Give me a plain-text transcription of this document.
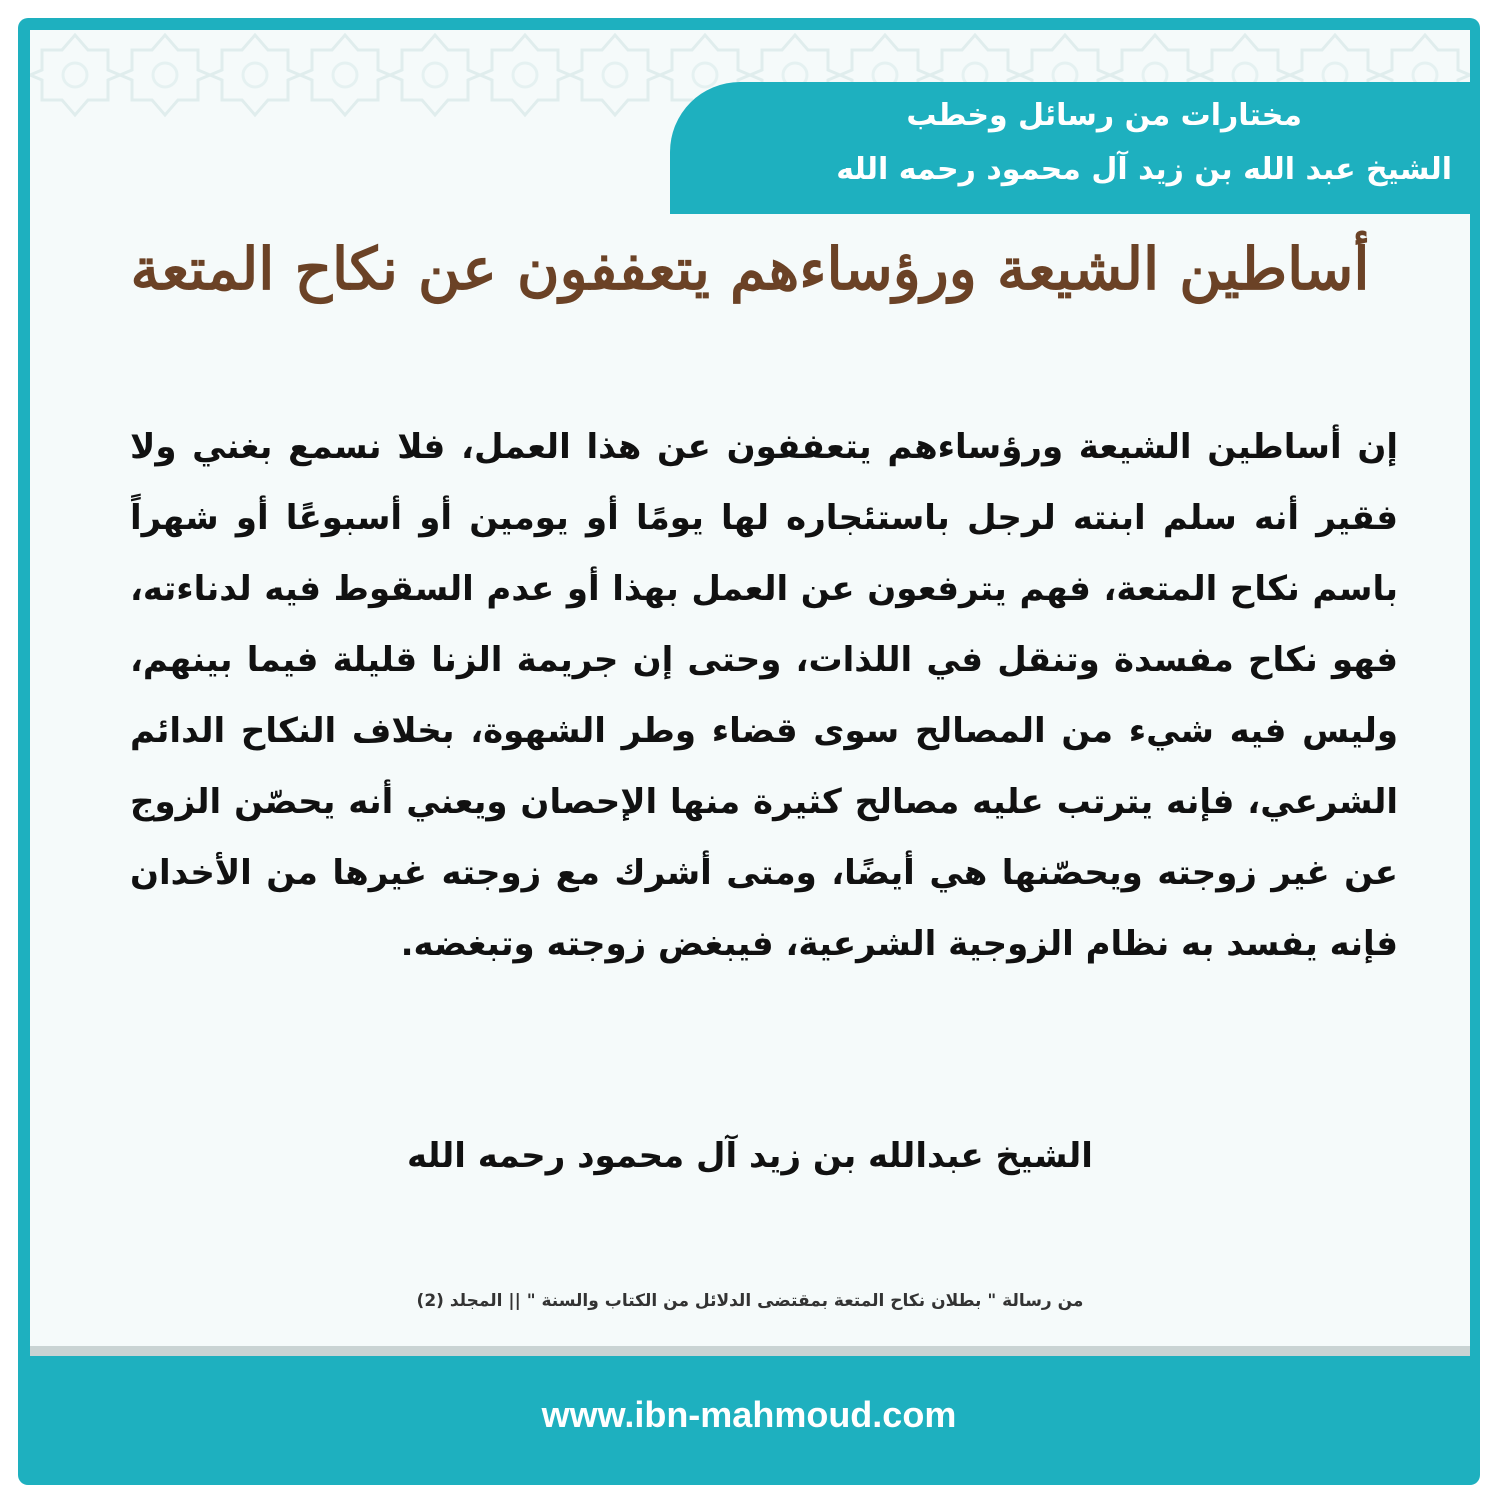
مختارات من رسائل وخطب
الشيخ عبد الله بن زيد آل محمود رحمه الله
أساطين الشيعة ورؤساءهم يتعففون عن نكاح المتعة
إن أساطين الشيعة ورؤساءهم يتعففون عن هذا العمل، فلا نسمع بغني ولا فقير أنه سلم ابنته لرجل باستئجاره لها يومًا أو يومين أو أسبوعًا أو شهراً باسم نكاح المتعة، فهم يترفعون عن العمل بهذا أو عدم السقوط فيه لدناءته، فهو نكاح مفسدة وتنقل في اللذات، وحتى إن جريمة الزنا قليلة فيما بينهم، وليس فيه شيء من المصالح سوى قضاء وطر الشهوة، بخلاف النكاح الدائم الشرعي، فإنه يترتب عليه مصالح كثيرة منها الإحصان ويعني أنه يحصّن الزوج عن غير زوجته ويحصّنها هي أيضًا، ومتى أشرك مع زوجته غيرها من الأخدان فإنه يفسد به نظام الزوجية الشرعية، فيبغض زوجته وتبغضه.
الشيخ عبدالله بن زيد آل محمود رحمه الله
من رسالة " بطلان نكاح المتعة بمقتضى الدلائل من الكتاب والسنة " || المجلد (2)
www.ibn-mahmoud.com
